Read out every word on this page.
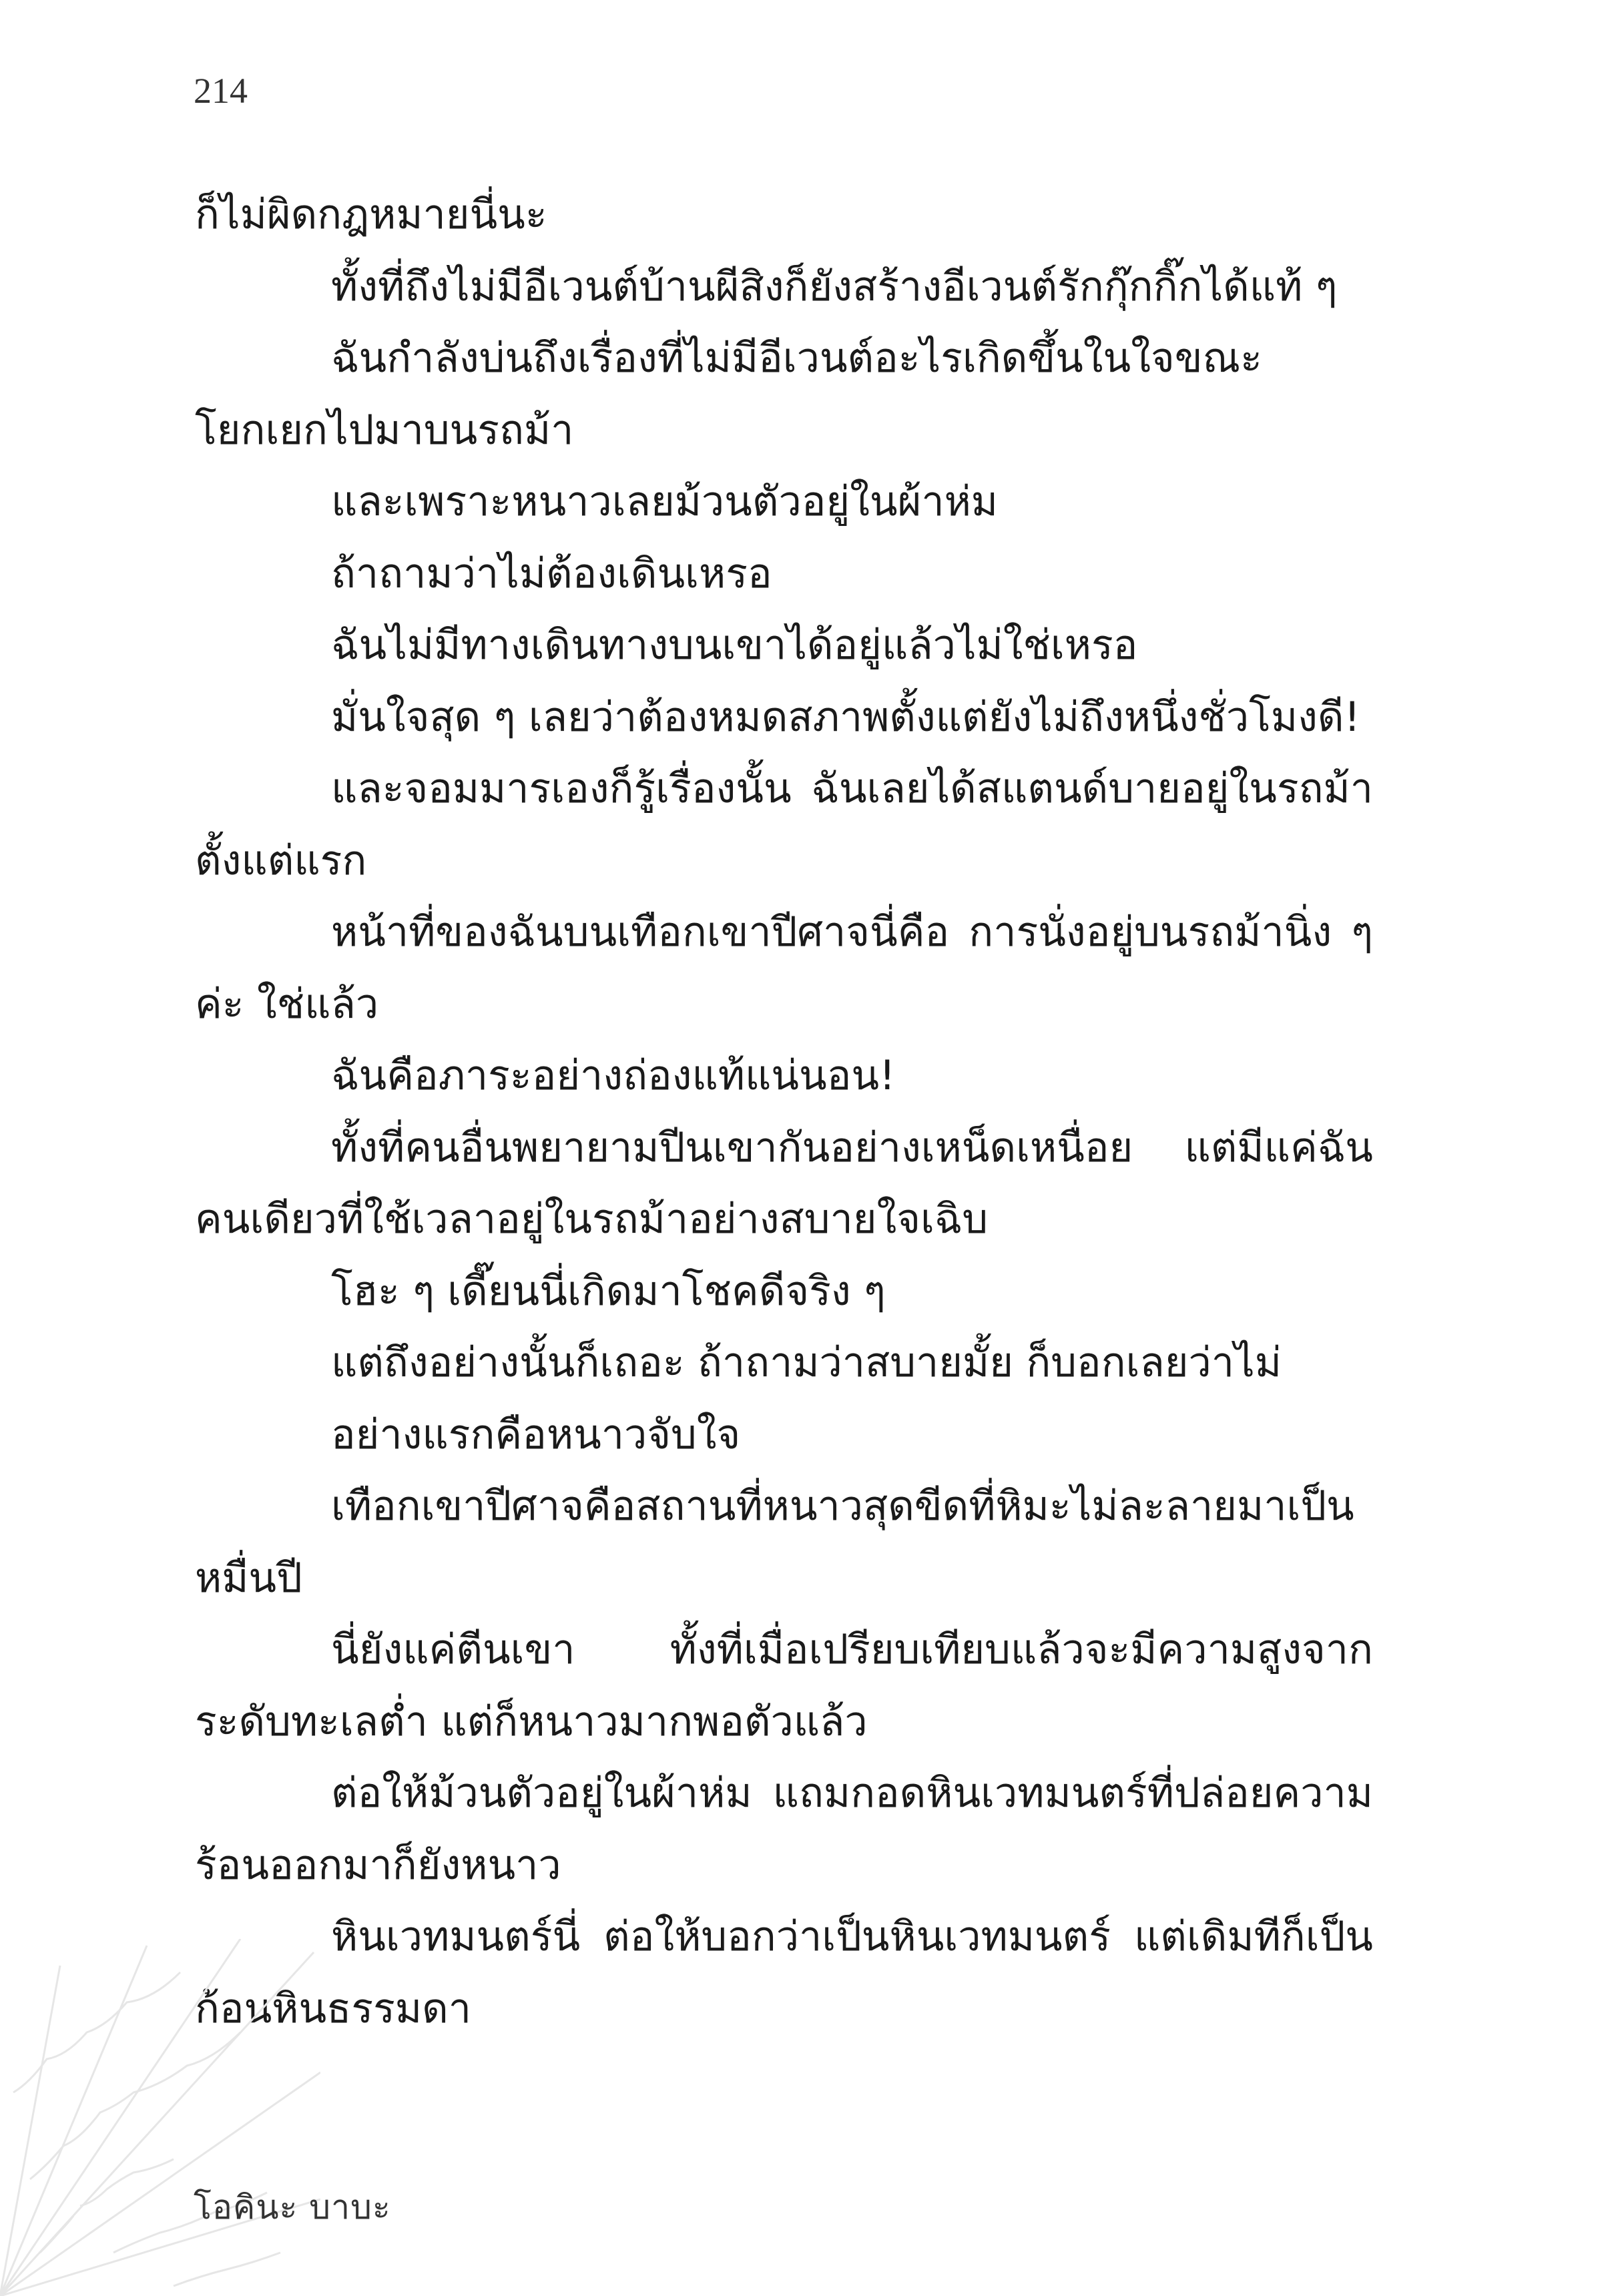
214

ก็ไม่ผิดกฎหมายนี่นะ

ทั้งที่ถึงไม่มีอีเวนต์บ้านผีสิงก็ยังสร้างอีเวนต์รักกุ๊กกิ๊กได้แท้ ๆ

ฉันกำลังบ่นถึงเรื่องที่ไม่มีอีเวนต์อะไรเกิดขึ้นในใจขณะโยกเยกไปมาบนรถม้า

และเพราะหนาวเลยม้วนตัวอยู่ในผ้าห่ม

ถ้าถามว่าไม่ต้องเดินเหรอ

ฉันไม่มีทางเดินทางบนเขาได้อยู่แล้วไม่ใช่เหรอ

มั่นใจสุด ๆ เลยว่าต้องหมดสภาพตั้งแต่ยังไม่ถึงหนึ่งชั่วโมงดี!

และจอมมารเองก็รู้เรื่องนั้น ฉันเลยได้สแตนด์บายอยู่ในรถม้าตั้งแต่แรก

หน้าที่ของฉันบนเทือกเขาปีศาจนี่คือ การนั่งอยู่บนรถม้านิ่ง ๆ ค่ะ ใช่แล้ว

ฉันคือภาระอย่างถ่องแท้แน่นอน!

ทั้งที่คนอื่นพยายามปีนเขากันอย่างเหน็ดเหนื่อย แต่มีแค่ฉันคนเดียวที่ใช้เวลาอยู่ในรถม้าอย่างสบายใจเฉิบ

โฮะ ๆ เดี๊ยนนี่เกิดมาโชคดีจริง ๆ

แต่ถึงอย่างนั้นก็เถอะ ถ้าถามว่าสบายมั้ย ก็บอกเลยว่าไม่

อย่างแรกคือหนาวจับใจ

เทือกเขาปีศาจคือสถานที่หนาวสุดขีดที่หิมะไม่ละลายมาเป็นหมื่นปี

นี่ยังแค่ตีนเขา ทั้งที่เมื่อเปรียบเทียบแล้วจะมีความสูงจากระดับทะเลต่ำ แต่ก็หนาวมากพอตัวแล้ว

ต่อให้ม้วนตัวอยู่ในผ้าห่ม แถมกอดหินเวทมนตร์ที่ปล่อยความร้อนออกมาก็ยังหนาว

หินเวทมนตร์นี่ ต่อให้บอกว่าเป็นหินเวทมนตร์ แต่เดิมทีก็เป็นก้อนหินธรรมดา

โอคินะ บาบะ
